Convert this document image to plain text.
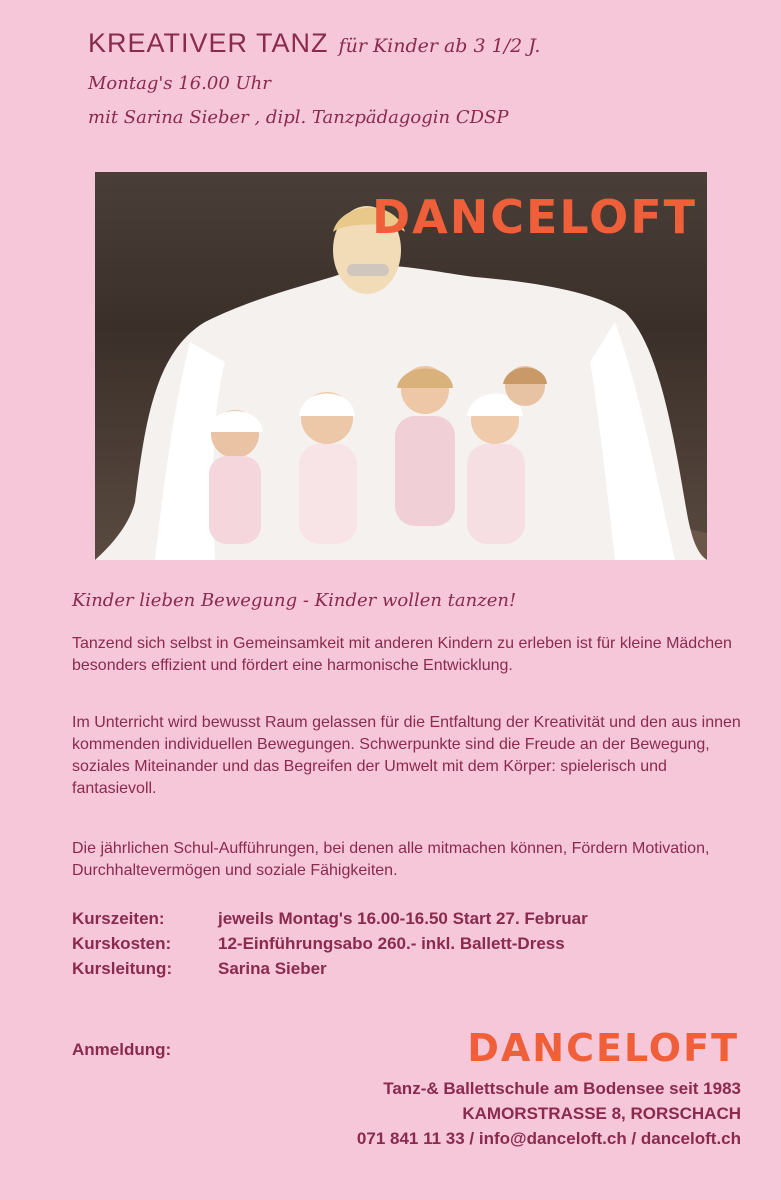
KREATIVER TANZ für Kinder ab 3 1/2 J.
Montag's 16.00 Uhr
mit Sarina Sieber , dipl. Tanzpädagogin CDSP
DANCELOFT
Kinder lieben Bewegung - Kinder wollen tanzen!

Tanzend sich selbst in Gemeinsamkeit mit anderen Kindern zu erleben ist für kleine Mädchen besonders effizient und fördert eine harmonische Entwicklung.

Im Unterricht wird bewusst Raum gelassen für die Entfaltung der Kreativität und den aus innen kommenden individuellen Bewegungen. Schwerpunkte sind die Freude an der Bewegung, soziales Miteinander und das Begreifen der Umwelt mit dem Körper: spielerisch und fantasievoll.

Die jährlichen Schul-Aufführungen, bei denen alle mitmachen können, Fördern Motivation, Durchhaltevermögen und soziale Fähigkeiten.

Kurszeiten:	jeweils Montag's 16.00-16.50 Start 27. Februar
Kurskosten:	12-Einführungsabo 260.- inkl. Ballett-Dress
Kursleitung:	Sarina Sieber
Anmeldung:	DANCELOFT
Tanz-& Ballettschule am Bodensee seit 1983
KAMORSTRASSE 8, RORSCHACH
071 841 11 33 / info@danceloft.ch / danceloft.ch
